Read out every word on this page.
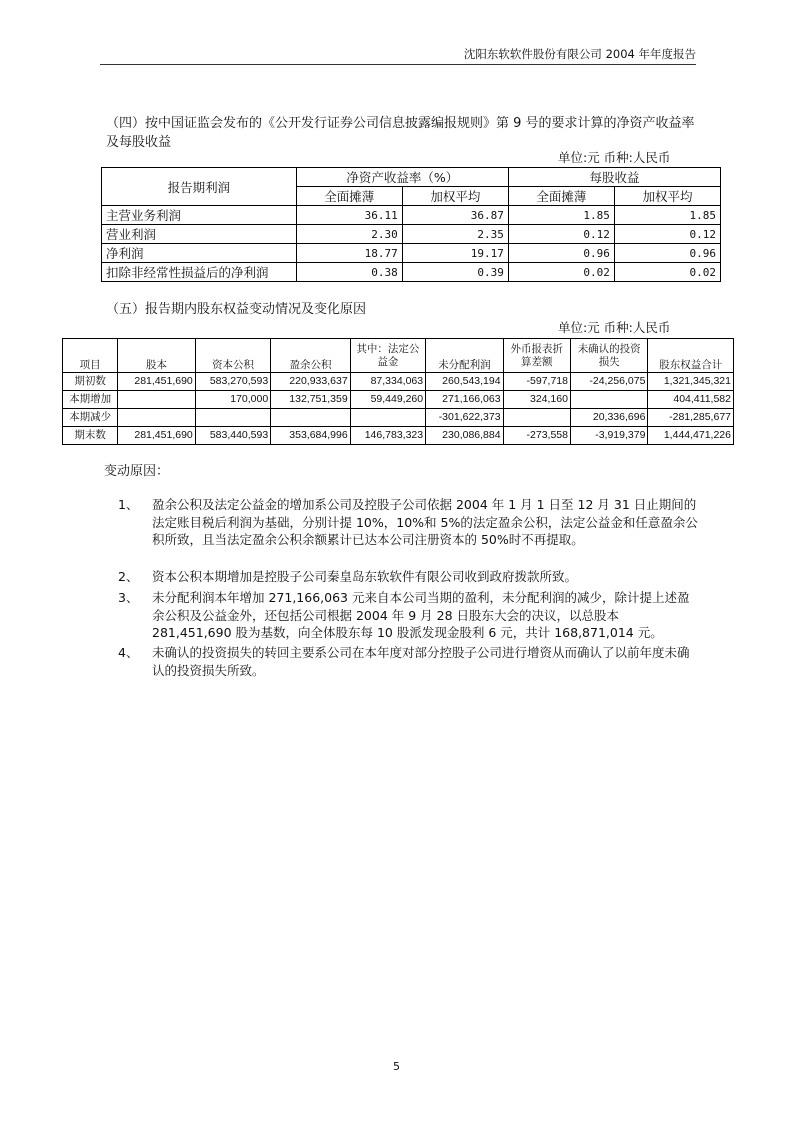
沈阳东软软件股份有限公司 2004 年年度报告
（四）按中国证监会发布的《公开发行证券公司信息披露编报规则》第 9 号的要求计算的净资产收益率及每股收益
单位:元 币种:人民币
报告期利润	净资产收益率（%）		每股收益	
	全面摊薄	加权平均	全面摊薄	加权平均
主营业务利润	36.11	36.87	1.85	1.85
营业利润	2.30	2.35	0.12	0.12
净利润	18.77	19.17	0.96	0.96
扣除非经常性损益后的净利润	0.38	0.39	0.02	0.02
（五）报告期内股东权益变动情况及变化原因
单位:元 币种:人民币
项目	股本	资本公积	盈余公积	其中：法定公益金	未分配利润	外币报表折算差额	未确认的投资损失	股东权益合计
期初数	281,451,690	583,270,593	220,933,637	87,334,063	260,543,194	-597,718	-24,256,075	1,321,345,321
本期增加		170,000	132,751,359	59,449,260	271,166,063	324,160		404,411,582
本期减少					-301,622,373		20,336,696	-281,285,677
期末数	281,451,690	583,440,593	353,684,996	146,783,323	230,086,884	-273,558	-3,919,379	1,444,471,226
变动原因：
1、 盈余公积及法定公益金的增加系公司及控股子公司依据 2004 年 1 月 1 日至 12 月 31 日止期间的法定账目税后利润为基础，分别计提 10%，10%和 5%的法定盈余公积，法定公益金和任意盈余公积所致，且当法定盈余公积余额累计已达本公司注册资本的 50%时不再提取。
2、 资本公积本期增加是控股子公司秦皇岛东软软件有限公司收到政府拨款所致。
3、 未分配利润本年增加 271,166,063 元来自本公司当期的盈利，未分配利润的减少，除计提上述盈余公积及公益金外，还包括公司根据 2004 年 9 月 28 日股东大会的决议，以总股本 281,451,690 股为基数，向全体股东每 10 股派发现金股利 6 元，共计 168,871,014 元。
4、 未确认的投资损失的转回主要系公司在本年度对部分控股子公司进行增资从而确认了以前年度未确认的投资损失所致。
5
